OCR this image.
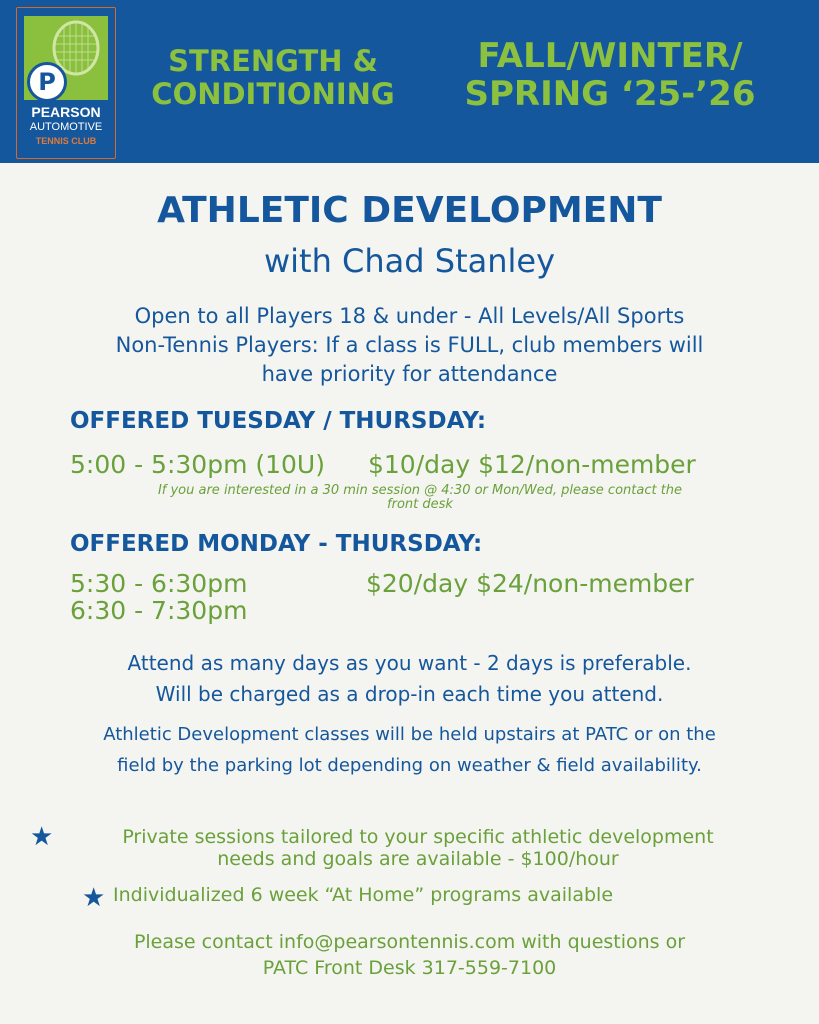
P
PEARSON
AUTOMOTIVE
TENNIS CLUB
STRENGTH &
CONDITIONING
FALL/WINTER/
SPRING ‘25-’26
ATHLETIC DEVELOPMENT
with Chad Stanley
Open to all Players 18 & under - All Levels/All Sports
Non-Tennis Players: If a class is FULL, club members will
have priority for attendance
OFFERED TUESDAY / THURSDAY:
5:00 - 5:30pm (10U) $10/day $12/non-member
If you are interested in a 30 min session @ 4:30 or Mon/Wed, please contact the
front desk
OFFERED MONDAY - THURSDAY:
5:30 - 6:30pm
6:30 - 7:30pm
$20/day $24/non-member
Attend as many days as you want - 2 days is preferable.
Will be charged as a drop-in each time you attend.
Athletic Development classes will be held upstairs at PATC or on the
field by the parking lot depending on weather & field availability.
★	Private sessions tailored to your specific athletic development
needs and goals are available - $100/hour
★ Individualized 6 week “At Home” programs available
Please contact info@pearsontennis.com with questions or
PATC Front Desk 317-559-7100
